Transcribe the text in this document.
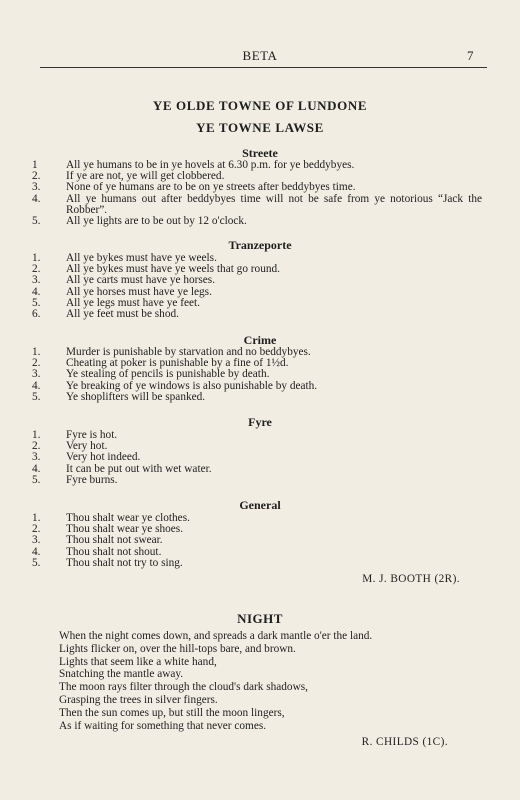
BETA	7
YE OLDE TOWNE OF LUNDONE
YE TOWNE LAWSE
Streete
1	All ye humans to be in ye hovels at 6.30 p.m. for ye beddybyes.
2. If ye are not, ye will get clobbered.
3. None of ye humans are to be on ye streets after beddybyes time.
4. All ye humans out after beddybyes time will not be safe from ye notorious “Jack the Robber”.
5. All ye lights are to be out by 12 o'clock.
Tranzeporte
1. All ye bykes must have ye weels.
2. All ye bykes must have ye weels that go round.
3. All ye carts must have ye horses.
4. All ye horses must have ye legs.
5. All ye legs must have ye feet.
6. All ye feet must be shod.
Crime
1. Murder is punishable by starvation and no beddybyes.
2. Cheating at poker is punishable by a fine of 1½d.
3. Ye stealing of pencils is punishable by death.
4. Ye breaking of ye windows is also punishable by death.
5. Ye shoplifters will be spanked.
Fyre
1. Fyre is hot.
2. Very hot.
3. Very hot indeed.
4. It can be put out with wet water.
5. Fyre burns.
General
1. Thou shalt wear ye clothes.
2. Thou shalt wear ye shoes.
3. Thou shalt not swear.
4. Thou shalt not shout.
5. Thou shalt not try to sing.
M. J. BOOTH (2R).
NIGHT
When the night comes down, and spreads a dark mantle o'er the land.
Lights flicker on, over the hill-tops bare, and brown.
Lights that seem like a white hand,
Snatching the mantle away.
The moon rays filter through the cloud's dark shadows,
Grasping the trees in silver fingers.
Then the sun comes up, but still the moon lingers,
As if waiting for something that never comes.
R. CHILDS (1C).
